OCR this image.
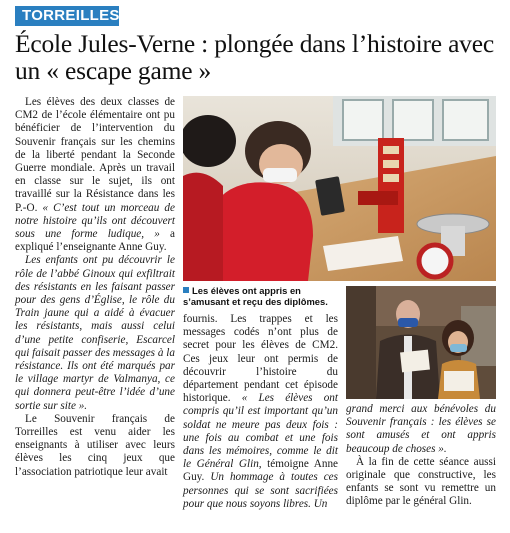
TORREILLES
École Jules-Verne : plongée dans l’histoire avec un « escape game »

Les élèves des deux classes de CM2 de l’école élémentaire ont pu bénéficier de l’intervention du Souvenir français sur les chemins de la liberté pendant la Seconde Guerre mondiale. Après un travail en classe sur le sujet, ils ont travaillé sur la Résistance dans les P.-O. « C’est tout un morceau de notre histoire qu’ils ont découvert sous une forme ludique, » a expliqué l’enseignante Anne Guy.

Les enfants ont pu découvrir le rôle de l’abbé Ginoux qui exfiltrait des résistants en les faisant passer pour des gens d’Église, le rôle du Train jaune qui a aidé à évacuer les résistants, mais aussi celui d’une petite confiserie, Escarcel qui faisait passer des messages à la résistance. Ils ont été marqués par le village martyr de Valmanya, ce qui donnera peut-être l’idée d’une sortie sur site ».

Le Souvenir français de Torreilles est venu aider les enseignants à utiliser avec leurs élèves les cinq jeux que l’association patriotique leur avait

Les élèves ont appris en s’amusant et reçu des diplômes.

fournis. Les trappes et les messages codés n’ont plus de secret pour les élèves de CM2. Ces jeux leur ont permis de découvrir l’histoire du département pendant cet épisode historique. « Les élèves ont compris qu’il est important qu’un soldat ne meure pas deux fois : une fois au combat et une fois dans les mémoires, comme le dit le Général Glin, témoigne Anne Guy. Un hommage à toutes ces personnes qui se sont sacrifiées pour que nous soyons libres. Un

grand merci aux bénévoles du Souvenir français : les élèves se sont amusés et ont appris beaucoup de choses ».

À la fin de cette séance aussi originale que constructive, les enfants se sont vu remettre un diplôme par le général Glin.
